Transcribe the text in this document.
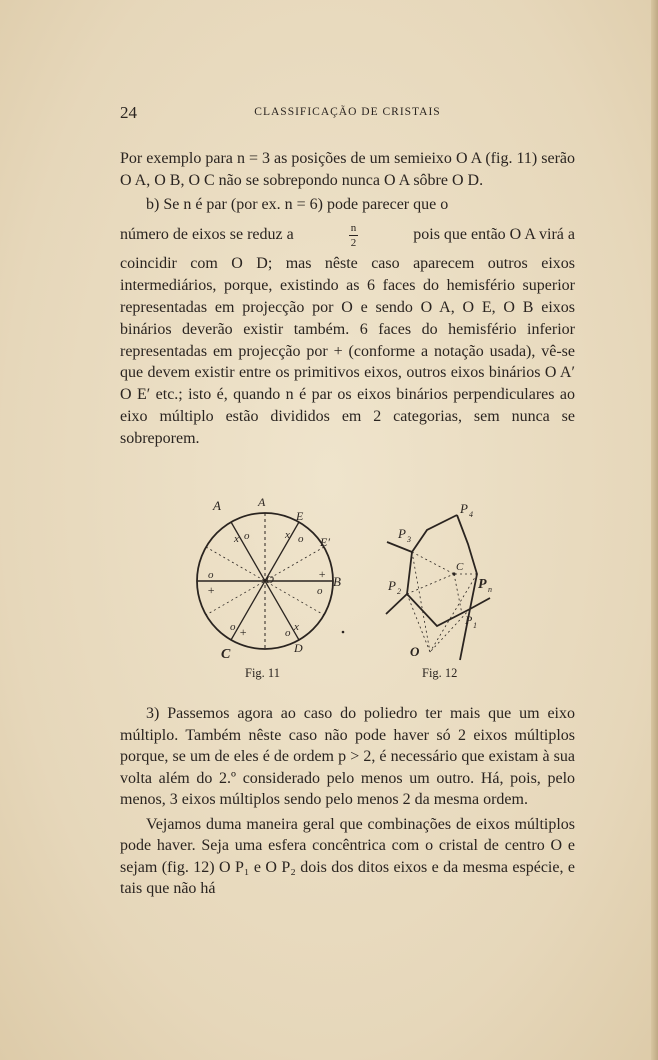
24	CLASSIFICAÇÃO DE CRISTAIS

Por exemplo para n = 3 as posições de um semieixo O A (fig. 11) serão O A, O B, O C não se sobrepondo nunca O A sôbre O D.

b) Se n é par (por ex. n = 6) pode parecer que o

número de eixos se reduz a	$\frac{n}{2}$	pois que então O A virá a

coincidir com O D; mas nêste caso aparecem outros eixos intermediários, porque, existindo as 6 faces do hemisfério superior representadas em projecção por O e sendo O A, O E, O B eixos binários deverão existir também. 6 faces do hemisfério inferior representadas em projecção por + (conforme a notação usada), vê-se que devem existir entre os primitivos eixos, outros eixos binários O A′ O E′ etc.; isto é, quando n é par os eixos binários perpendiculares ao eixo múltiplo estão divididos em 2 categorias, sem nunca se sobreporem.

A	A
E
E′
B
C	D
O
x	x
o	o
o
+
+
o
o +	o x
P 4
P 3
C
P n
P 2
P 1
O
Fig. 11	Fig. 12

3) Passemos agora ao caso do poliedro ter mais que um eixo múltiplo. Também nêste caso não pode haver só 2 eixos múltiplos porque, se um de eles é de ordem p > 2, é necessário que existam à sua volta além do 2.º considerado pelo menos um outro. Há, pois, pelo menos, 3 eixos múltiplos sendo pelo menos 2 da mesma ordem.

Vejamos duma maneira geral que combinações de eixos múltiplos pode haver. Seja uma esfera concêntrica com o cristal de centro O e sejam (fig. 12) O P₁ e O P₂ dois dos ditos eixos e da mesma espécie, e tais que não há
